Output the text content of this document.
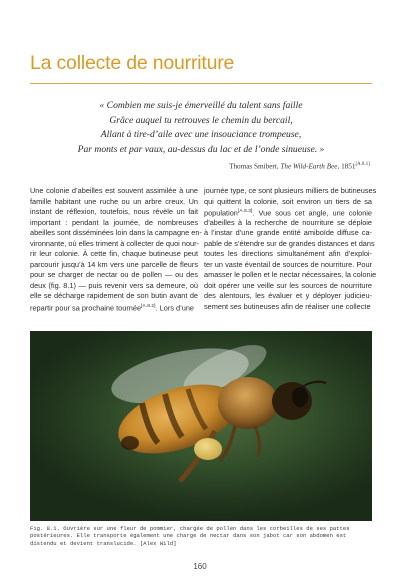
La collecte de nourriture
« Combien me suis-je émerveillé du talent sans faille
Grâce auquel tu retrouves le chemin du bercail,
Allant à tire-d’aile avec une insouciance trompeuse,
Par monts et par vaux, au-dessus du lac et de l’onde sinueuse. »
Thomas Smibert, The Wild-Earth Bee, 1851[A.8.1]
Une colonie d’abeilles est souvent assimilée à une
famille habitant une ruche ou un arbre creux. Un
instant de réflexion, toutefois, nous révèle un fait
important : pendant la journée, de nombreuses
abeilles sont disséminées loin dans la campagne en-
vironnante, où elles triment à collecter de quoi nour-
rir leur colonie. À cette fin, chaque butineuse peut
parcourir jusqu’à 14 km vers une parcelle de fleurs
pour se charger de nectar ou de pollen — ou des
deux (fig. 8.1) — puis revenir vers sa demeure, où
elle se décharge rapidement de son butin avant de
repartir pour sa prochaine tournée[A.8.2]. Lors d’une
journée type, ce sont plusieurs milliers de butineuses
qui quittent la colonie, soit environ un tiers de sa
population[A.8.3]. Vue sous cet angle, une colonie
d’abeilles à la recherche de nourriture se déploie
à l’instar d’une grande entité amiboïde diffuse ca-
pable de s’étendre sur de grandes distances et dans
toutes les directions simultanément afin d’exploi-
ter un vaste éventail de sources de nourriture. Pour
amasser le pollen et le nectar nécessaires, la colonie
doit opérer une veille sur les sources de nourriture
des alentours, les évaluer et y déployer judicieu-
sement ses butineuses afin de réaliser une collecte
Fig. 8.1. Ouvrière sur une fleur de pommier, chargée de pollen dans les corbeilles de ses pattes
postérieures. Elle transporte également une charge de nectar dans son jabot car son abdomen est
distendu et devient translucide. [Alex Wild]
160
